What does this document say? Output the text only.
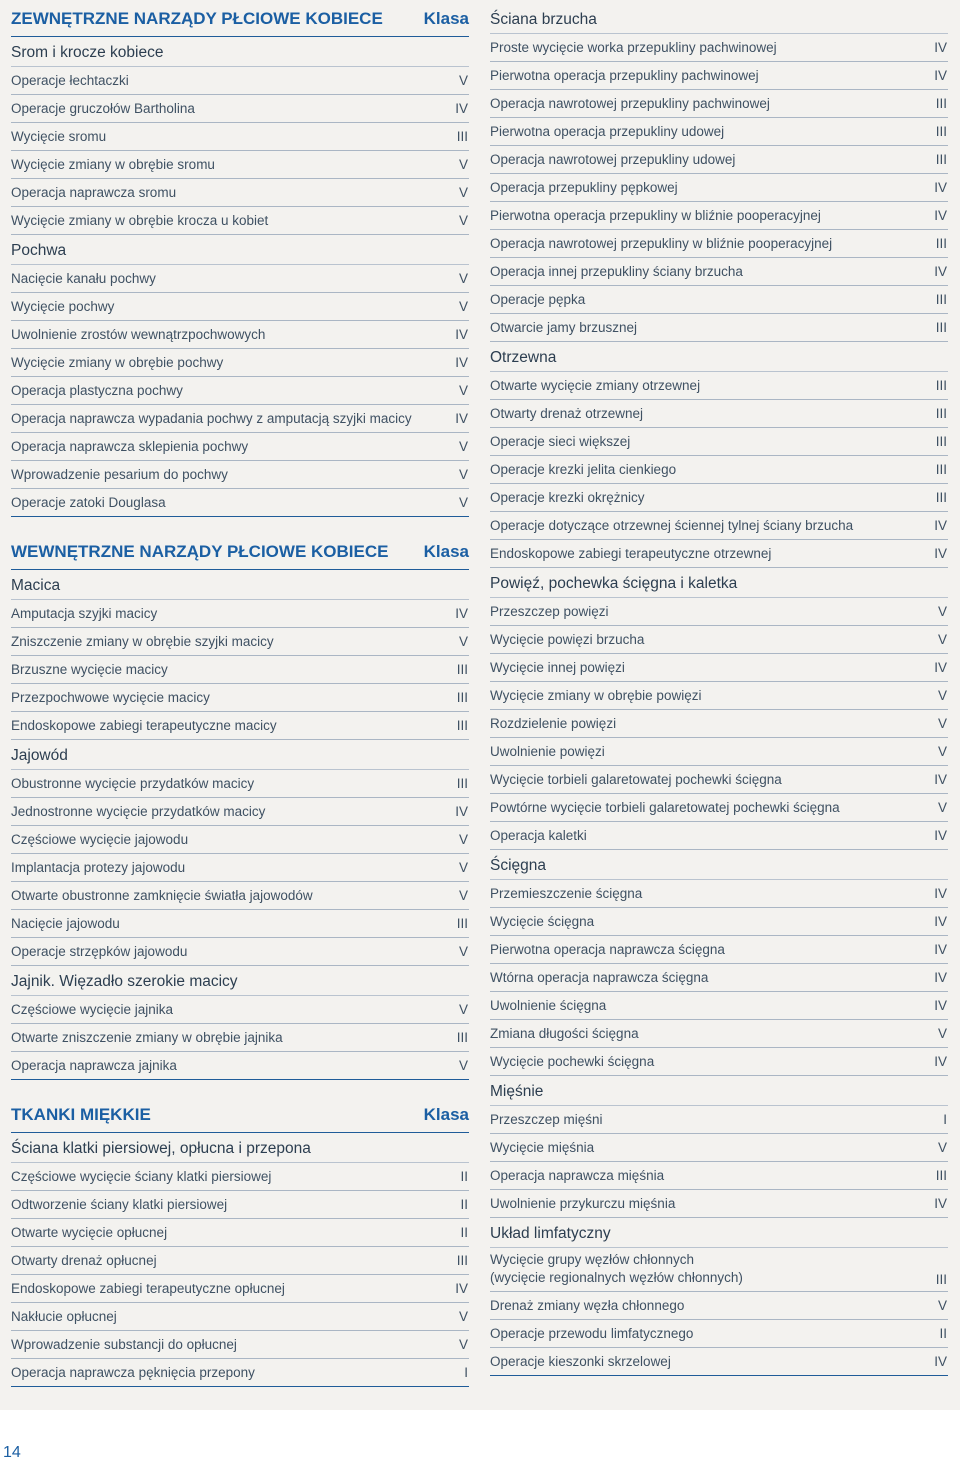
ZEWNĘTRZNE NARZĄDY PŁCIOWE KOBIECE Klasa
Srom i krocze kobiece
Operacje łechtaczki	V
Operacje gruczołów Bartholina	IV
Wycięcie sromu	III
Wycięcie zmiany w obrębie sromu	V
Operacja naprawcza sromu	V
Wycięcie zmiany w obrębie krocza u kobiet	V
Pochwa
Nacięcie kanału pochwy	V
Wycięcie pochwy	V
Uwolnienie zrostów wewnątrzpochwowych	IV
Wycięcie zmiany w obrębie pochwy	IV
Operacja plastyczna pochwy	V
Operacja naprawcza wypadania pochwy z amputacją szyjki macicy	IV
Operacja naprawcza sklepienia pochwy	V
Wprowadzenie pesarium do pochwy	V
Operacje zatoki Douglasa	V
WEWNĘTRZNE NARZĄDY PŁCIOWE KOBIECE Klasa
Macica
Amputacja szyjki macicy	IV
Zniszczenie zmiany w obrębie szyjki macicy	V
Brzuszne wycięcie macicy	III
Przezpochwowe wycięcie macicy	III
Endoskopowe zabiegi terapeutyczne macicy	III
Jajowód
Obustronne wycięcie przydatków macicy	III
Jednostronne wycięcie przydatków macicy	IV
Częściowe wycięcie jajowodu	V
Implantacja protezy jajowodu	V
Otwarte obustronne zamknięcie światła jajowodów	V
Nacięcie jajowodu	III
Operacje strzępków jajowodu	V
Jajnik. Więzadło szerokie macicy
Częściowe wycięcie jajnika	V
Otwarte zniszczenie zmiany w obrębie jajnika	III
Operacja naprawcza jajnika	V
TKANKI MIĘKKIE	Klasa
Ściana klatki piersiowej, opłucna i przepona
Częściowe wycięcie ściany klatki piersiowej	II
Odtworzenie ściany klatki piersiowej	II
Otwarte wycięcie opłucnej	II
Otwarty drenaż opłucnej	III
Endoskopowe zabiegi terapeutyczne opłucnej	IV
Nakłucie opłucnej	V
Wprowadzenie substancji do opłucnej	V
Operacja naprawcza pęknięcia przepony	I
Ściana brzucha
Proste wycięcie worka przepukliny pachwinowej	IV
Pierwotna operacja przepukliny pachwinowej	IV
Operacja nawrotowej przepukliny pachwinowej	III
Pierwotna operacja przepukliny udowej	III
Operacja nawrotowej przepukliny udowej	III
Operacja przepukliny pępkowej	IV
Pierwotna operacja przepukliny w bliźnie pooperacyjnej	IV
Operacja nawrotowej przepukliny w bliźnie pooperacyjnej	III
Operacja innej przepukliny ściany brzucha	IV
Operacje pępka	III
Otwarcie jamy brzusznej	III
Otrzewna
Otwarte wycięcie zmiany otrzewnej	III
Otwarty drenaż otrzewnej	III
Operacje sieci większej	III
Operacje krezki jelita cienkiego	III
Operacje krezki okrężnicy	III
Operacje dotyczące otrzewnej ściennej tylnej ściany brzucha	IV
Endoskopowe zabiegi terapeutyczne otrzewnej	IV
Powięź, pochewka ścięgna i kaletka
Przeszczep powięzi	V
Wycięcie powięzi brzucha	V
Wycięcie innej powięzi	IV
Wycięcie zmiany w obrębie powięzi	V
Rozdzielenie powięzi	V
Uwolnienie powięzi	V
Wycięcie torbieli galaretowatej pochewki ścięgna	IV
Powtórne wycięcie torbieli galaretowatej pochewki ścięgna	V
Operacja kaletki	IV
Ścięgna
Przemieszczenie ścięgna	IV
Wycięcie ścięgna	IV
Pierwotna operacja naprawcza ścięgna	IV
Wtórna operacja naprawcza ścięgna	IV
Uwolnienie ścięgna	IV
Zmiana długości ścięgna	V
Wycięcie pochewki ścięgna	IV
Mięśnie
Przeszczep mięśni	I
Wycięcie mięśnia	V
Operacja naprawcza mięśnia	III
Uwolnienie przykurczu mięśnia	IV
Układ limfatyczny
Wycięcie grupy węzłów chłonnych
(wycięcie regionalnych węzłów chłonnych)	III
Drenaż zmiany węzła chłonnego	V
Operacje przewodu limfatycznego	II
Operacje kieszonki skrzelowej	IV
14
